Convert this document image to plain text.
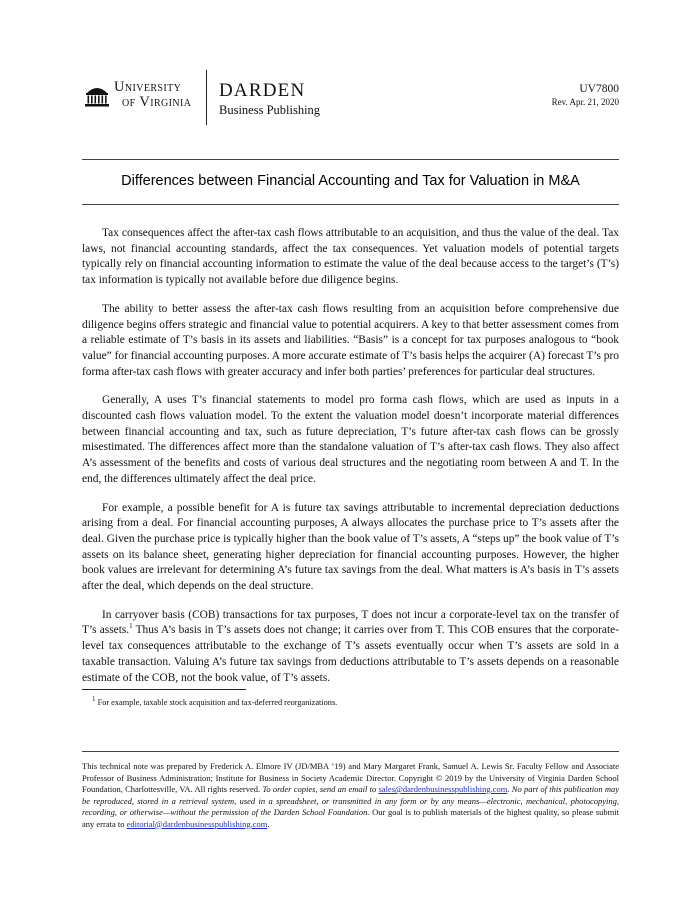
University
of Virginia
DARDEN
Business Publishing
UV7800
Rev. Apr. 21, 2020
Differences between Financial Accounting and Tax for Valuation in M&A

Tax consequences affect the after-tax cash flows attributable to an acquisition, and thus the value of the deal. Tax laws, not financial accounting standards, affect the tax consequences. Yet valuation models of potential targets typically rely on financial accounting information to estimate the value of the deal because access to the target’s (T’s) tax information is typically not available before due diligence begins.

The ability to better assess the after-tax cash flows resulting from an acquisition before comprehensive due diligence begins offers strategic and financial value to potential acquirers. A key to that better assessment comes from a reliable estimate of T’s basis in its assets and liabilities. “Basis” is a concept for tax purposes analogous to “book value” for financial accounting purposes. A more accurate estimate of T’s basis helps the acquirer (A) forecast T’s pro forma after-tax cash flows with greater accuracy and infer both parties’ preferences for particular deal structures.

Generally, A uses T’s financial statements to model pro forma cash flows, which are used as inputs in a discounted cash flows valuation model. To the extent the valuation model doesn’t incorporate material differences between financial accounting and tax, such as future depreciation, T’s future after-tax cash flows can be grossly misestimated. The differences affect more than the standalone valuation of T’s after-tax cash flows. They also affect A’s assessment of the benefits and costs of various deal structures and the negotiating room between A and T. In the end, the differences ultimately affect the deal price.

For example, a possible benefit for A is future tax savings attributable to incremental depreciation deductions arising from a deal. For financial accounting purposes, A always allocates the purchase price to T’s assets after the deal. Given the purchase price is typically higher than the book value of T’s assets, A “steps up” the book value of T’s assets on its balance sheet, generating higher depreciation for financial accounting purposes. However, the higher book values are irrelevant for determining A’s future tax savings from the deal. What matters is A’s basis in T’s assets after the deal, which depends on the deal structure.

In carryover basis (COB) transactions for tax purposes, T does not incur a corporate-level tax on the transfer of T’s assets.$^1$ Thus A’s basis in T’s assets does not change; it carries over from T. This COB ensures that the corporate-level tax consequences attributable to the exchange of T’s assets eventually occur when T’s assets are sold in a taxable transaction. Valuing A’s future tax savings from deductions attributable to T’s assets depends on a reasonable estimate of the COB, not the book value, of T’s assets.

$^1$ For example, taxable stock acquisition and tax-deferred reorganizations.
This technical note was prepared by Frederick A. Elmore IV (JD/MBA ’19) and Mary Margaret Frank, Samuel A. Lewis Sr. Faculty Fellow and Associate Professor of Business Administration; Institute for Business in Society Academic Director. Copyright © 2019 by the University of Virginia Darden School Foundation, Charlottesville, VA. All rights reserved. To order copies, send an email to sales@dardenbusinesspublishing.com. No part of this publication may be reproduced, stored in a retrieval system, used in a spreadsheet, or transmitted in any form or by any means—electronic, mechanical, photocopying, recording, or otherwise—without the permission of the Darden School Foundation. Our goal is to publish materials of the highest quality, so please submit any errata to editorial@dardenbusinesspublishing.com.
